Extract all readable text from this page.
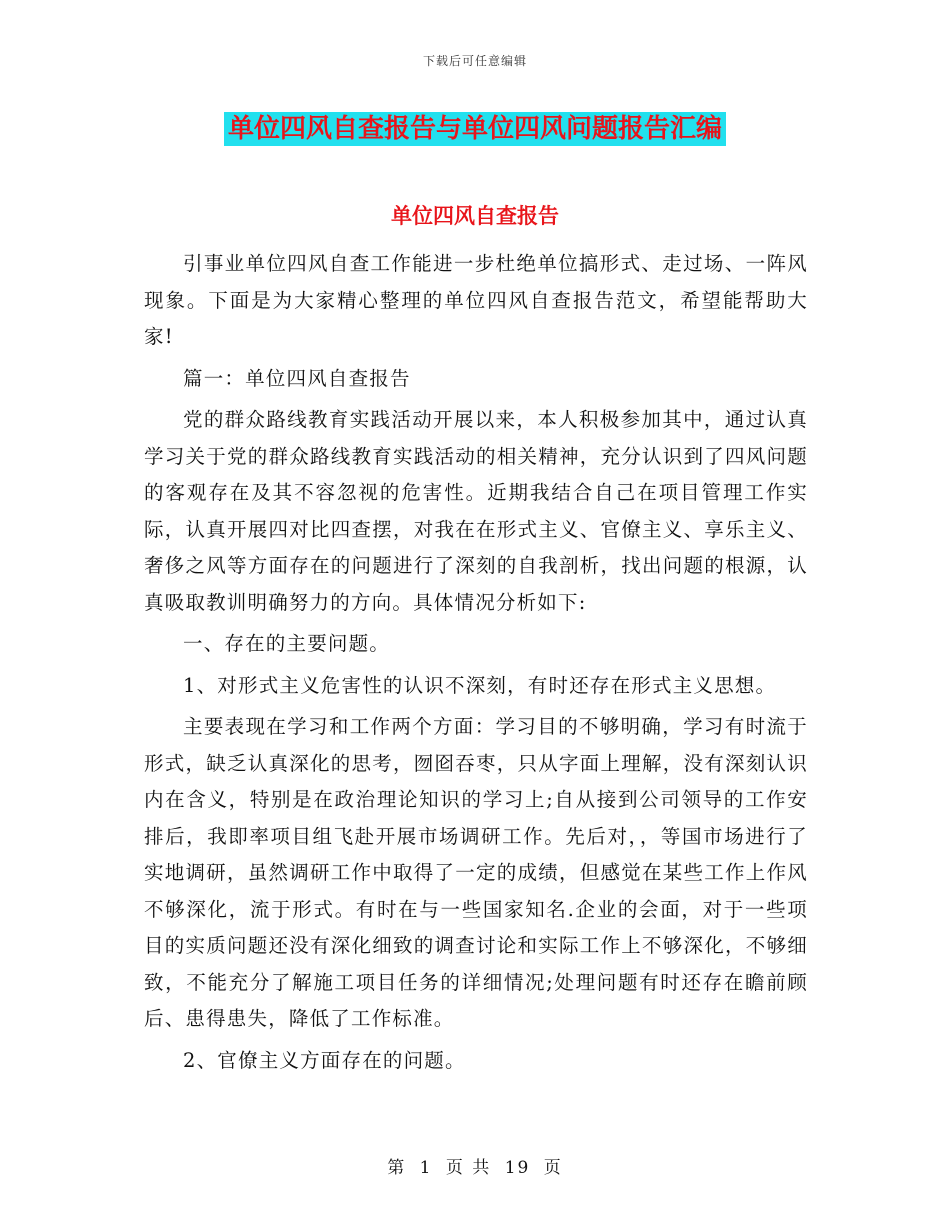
下载后可任意编辑
单位四风自查报告与单位四风问题报告汇编
单位四风自查报告

引事业单位四风自查工作能进一步杜绝单位搞形式、走过场、一阵风现象。下面是为大家精心整理的单位四风自查报告范文，希望能帮助大家!

篇一：单位四风自查报告

党的群众路线教育实践活动开展以来，本人积极参加其中，通过认真学习关于党的群众路线教育实践活动的相关精神，充分认识到了四风问题的客观存在及其不容忽视的危害性。近期我结合自己在项目管理工作实际，认真开展四对比四查摆，对我在在形式主义、官僚主义、享乐主义、奢侈之风等方面存在的问题进行了深刻的自我剖析，找出问题的根源，认真吸取教训明确努力的方向。具体情况分析如下:

一、存在的主要问题。

1、对形式主义危害性的认识不深刻，有时还存在形式主义思想。

主要表现在学习和工作两个方面：学习目的不够明确，学习有时流于形式，缺乏认真深化的思考，囫囵吞枣，只从字面上理解，没有深刻认识内在含义，特别是在政治理论知识的学习上;自从接到公司领导的工作安排后，我即率项目组飞赴开展市场调研工作。先后对，，等国市场进行了实地调研，虽然调研工作中取得了一定的成绩，但感觉在某些工作上作风不够深化，流于形式。有时在与一些国家知名.企业的会面，对于一些项目的实质问题还没有深化细致的调查讨论和实际工作上不够深化，不够细致，不能充分了解施工项目任务的详细情况;处理问题有时还存在瞻前顾后、患得患失，降低了工作标准。

2、官僚主义方面存在的问题。

第 1 页 共 19 页
